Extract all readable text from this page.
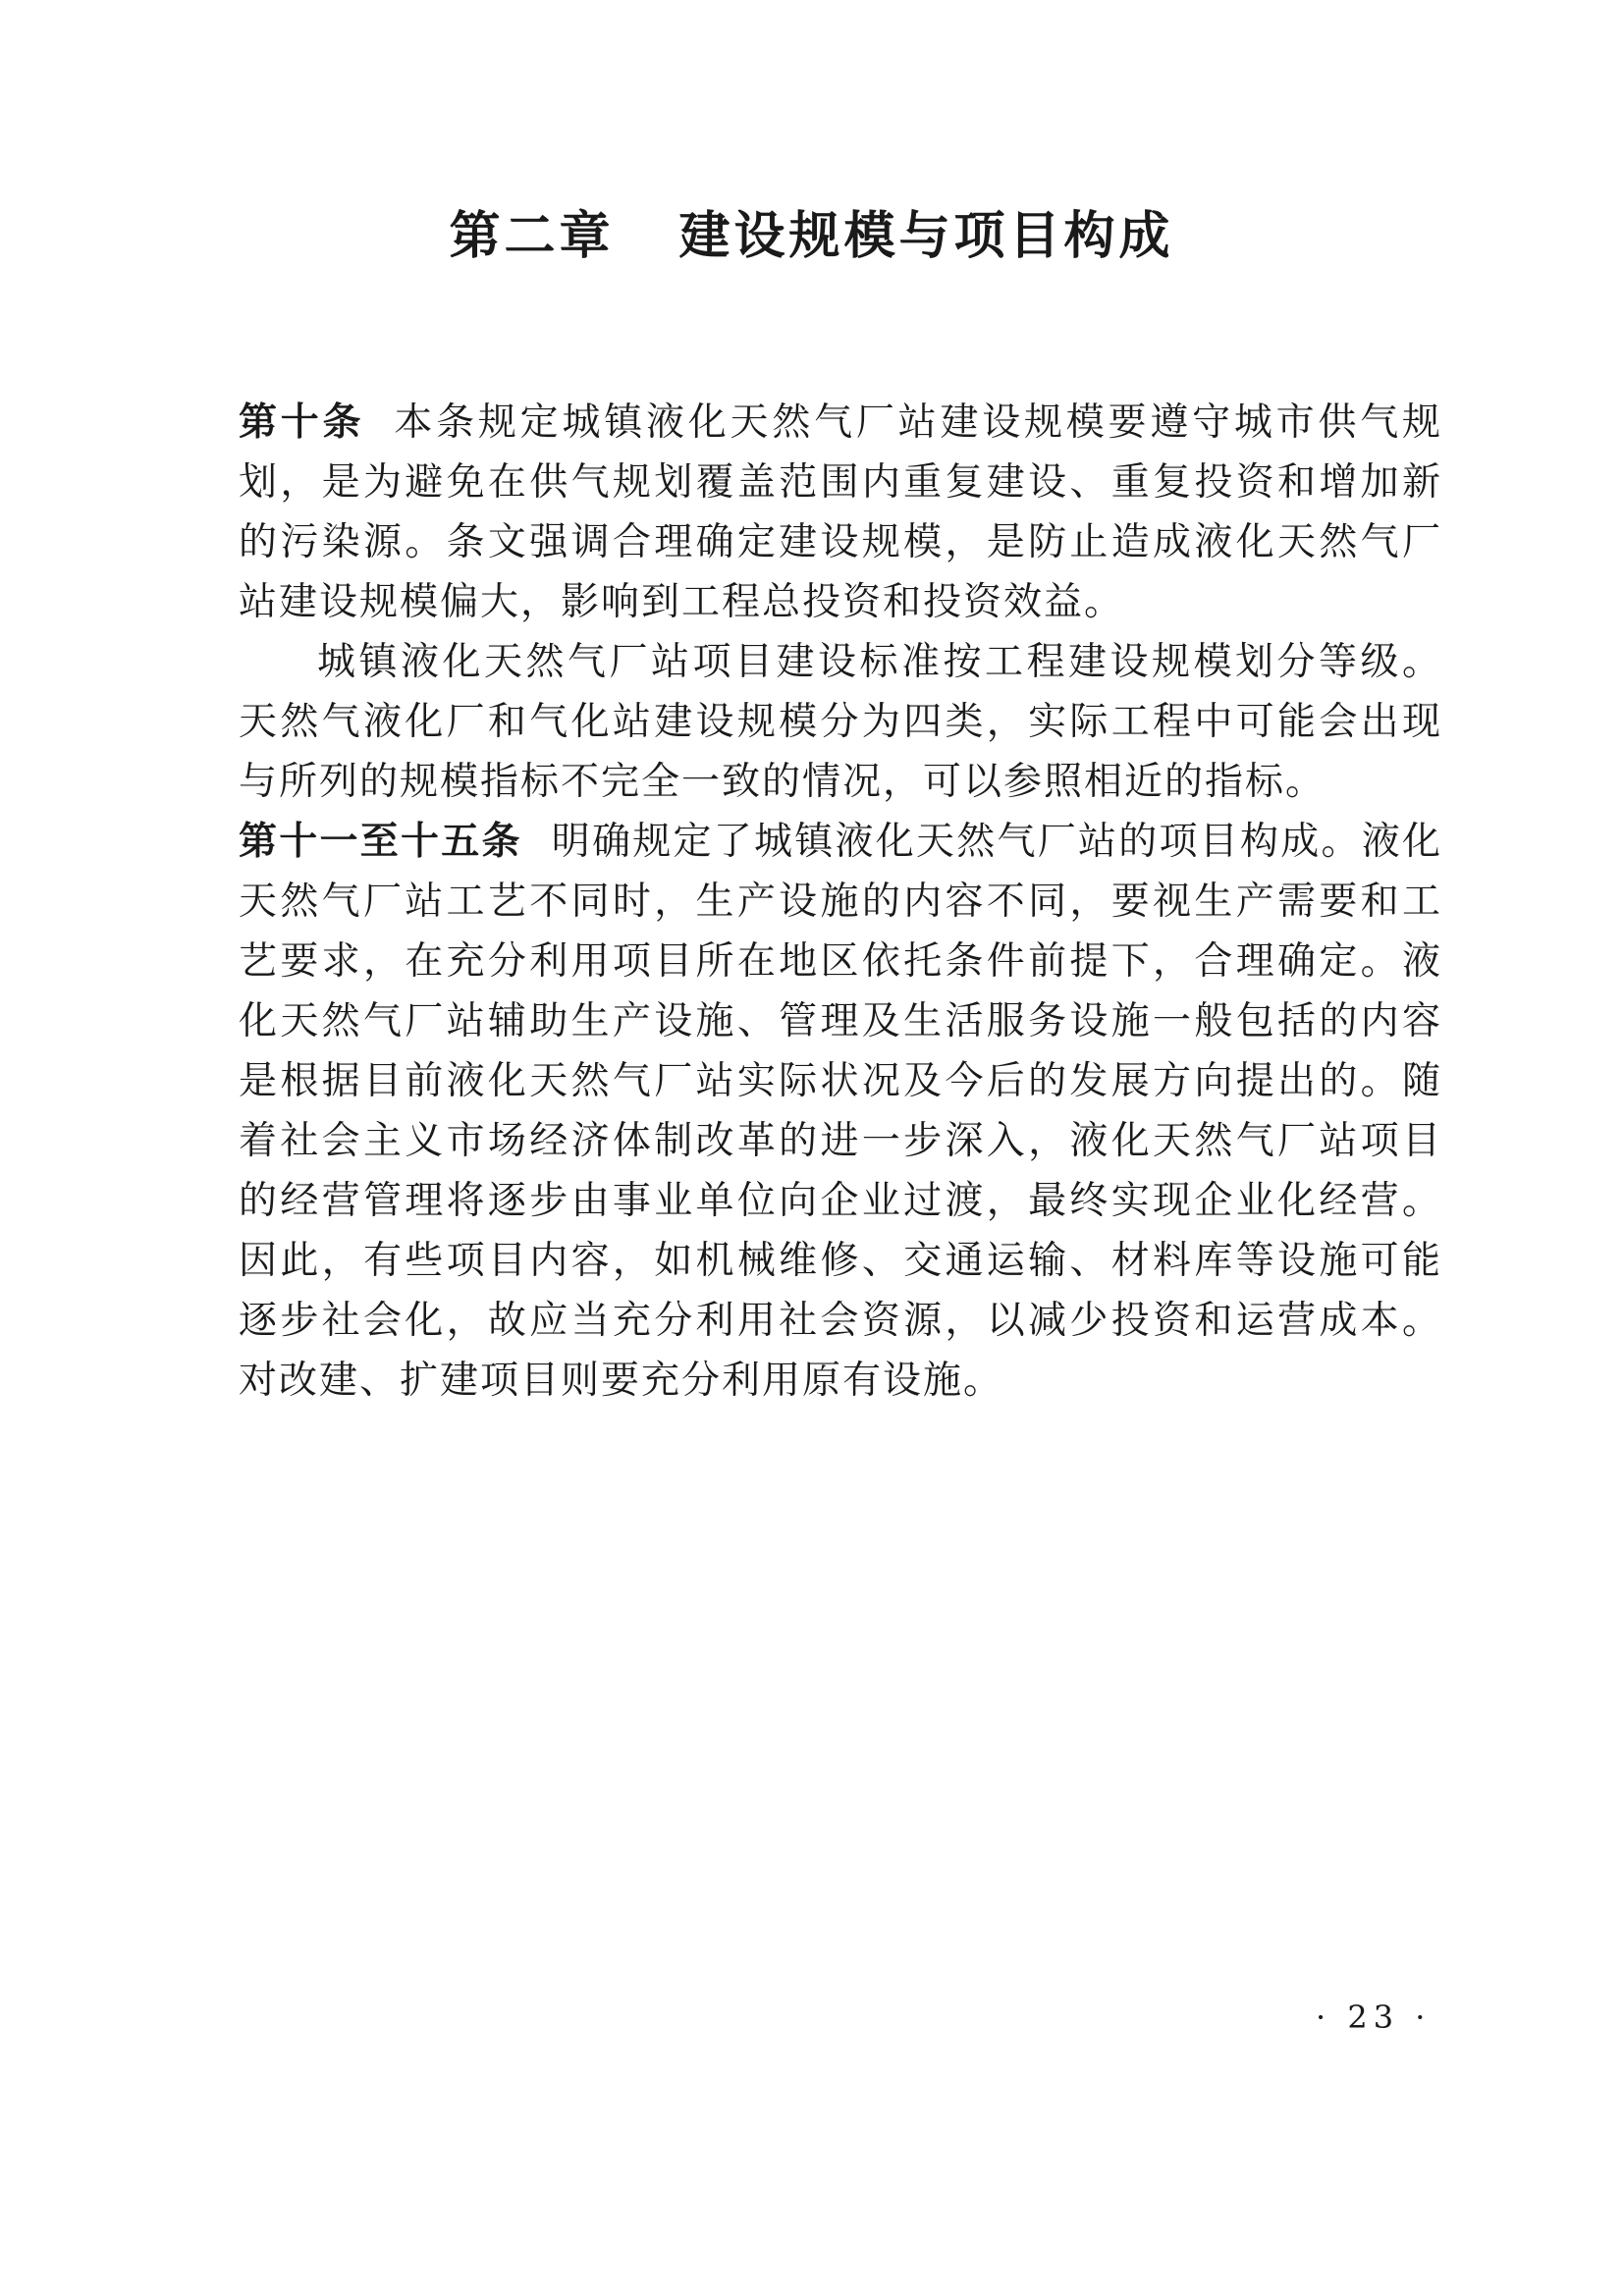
第二章 建设规模与项目构成

第十条 本条规定城镇液化天然气厂站建设规模要遵守城市供气规划，是为避免在供气规划覆盖范围内重复建设、重复投资和增加新的污染源。条文强调合理确定建设规模，是防止造成液化天然气厂站建设规模偏大，影响到工程总投资和投资效益。

城镇液化天然气厂站项目建设标准按工程建设规模划分等级。天然气液化厂和气化站建设规模分为四类，实际工程中可能会出现与所列的规模指标不完全一致的情况，可以参照相近的指标。

第十一至十五条 明确规定了城镇液化天然气厂站的项目构成。液化天然气厂站工艺不同时，生产设施的内容不同，要视生产需要和工艺要求，在充分利用项目所在地区依托条件前提下，合理确定。液化天然气厂站辅助生产设施、管理及生活服务设施一般包括的内容是根据目前液化天然气厂站实际状况及今后的发展方向提出的。随着社会主义市场经济体制改革的进一步深入，液化天然气厂站项目的经营管理将逐步由事业单位向企业过渡，最终实现企业化经营。因此，有些项目内容，如机械维修、交通运输、材料库等设施可能逐步社会化，故应当充分利用社会资源，以减少投资和运营成本。对改建、扩建项目则要充分利用原有设施。

· 23 ·
